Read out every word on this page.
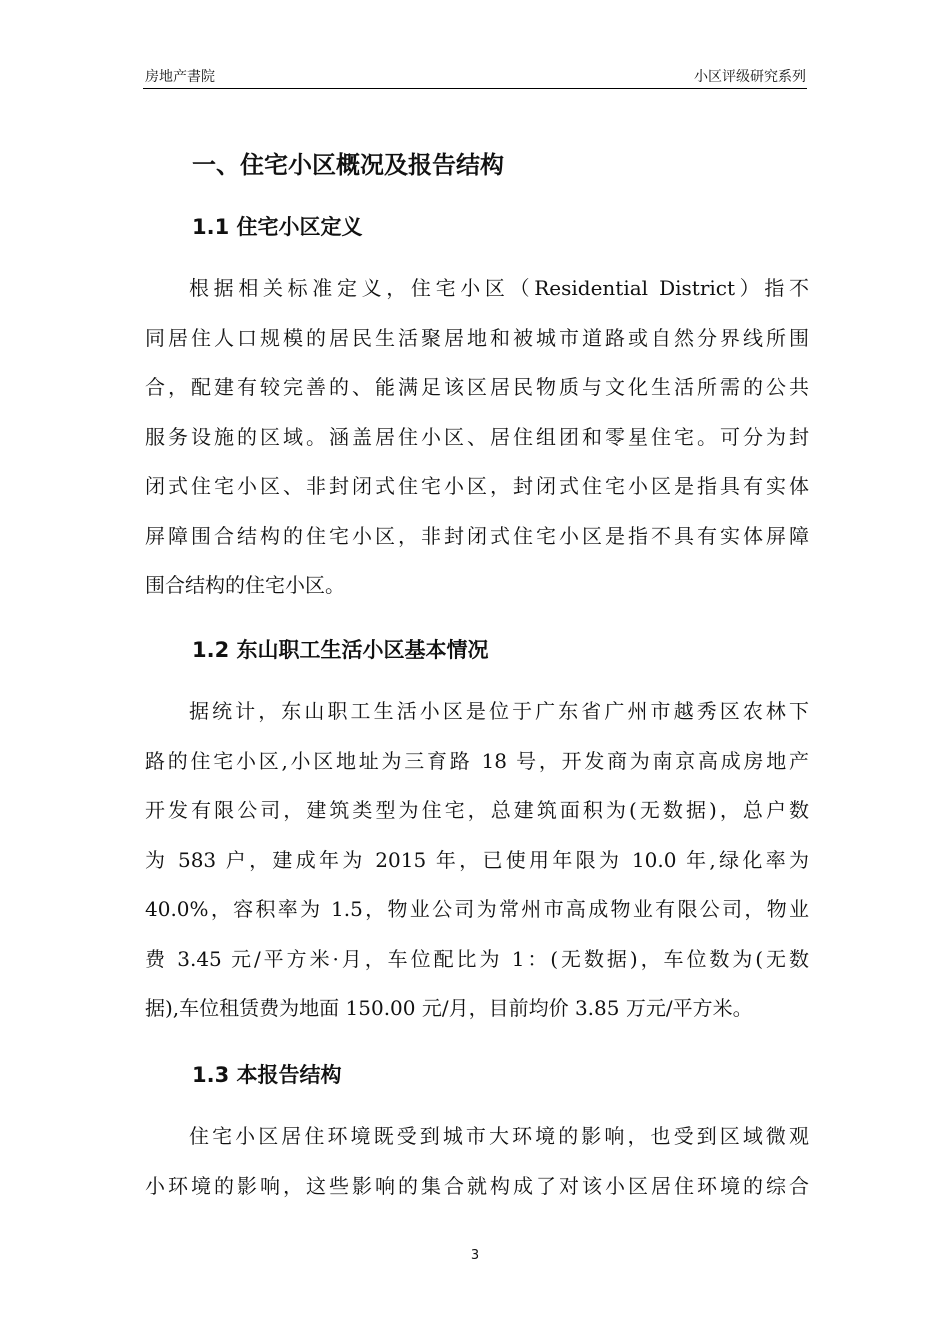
房地产書院	小区评级研究系列
一、住宅小区概况及报告结构
1.1 住宅小区定义
根据相关标准定义，住宅小区（Residential District）指不
同居住人口规模的居民生活聚居地和被城市道路或自然分界线所围
合，配建有较完善的、能满足该区居民物质与文化生活所需的公共
服务设施的区域。涵盖居住小区、居住组团和零星住宅。可分为封
闭式住宅小区、非封闭式住宅小区，封闭式住宅小区是指具有实体
屏障围合结构的住宅小区，非封闭式住宅小区是指不具有实体屏障
围合结构的住宅小区。
1.2 东山职工生活小区基本情况
据统计，东山职工生活小区是位于广东省广州市越秀区农林下
路的住宅小区,小区地址为三育路 18 号，开发商为南京高成房地产
开发有限公司，建筑类型为住宅，总建筑面积为(无数据)，总户数
为 583 户，建成年为 2015 年，已使用年限为 10.0 年,绿化率为
40.0%，容积率为 1.5，物业公司为常州市高成物业有限公司，物业
费 3.45 元/平方米·月，车位配比为 1：(无数据)，车位数为(无数
据),车位租赁费为地面 150.00 元/月，目前均价 3.85 万元/平方米。
1.3 本报告结构
住宅小区居住环境既受到城市大环境的影响，也受到区域微观
小环境的影响，这些影响的集合就构成了对该小区居住环境的综合
3
